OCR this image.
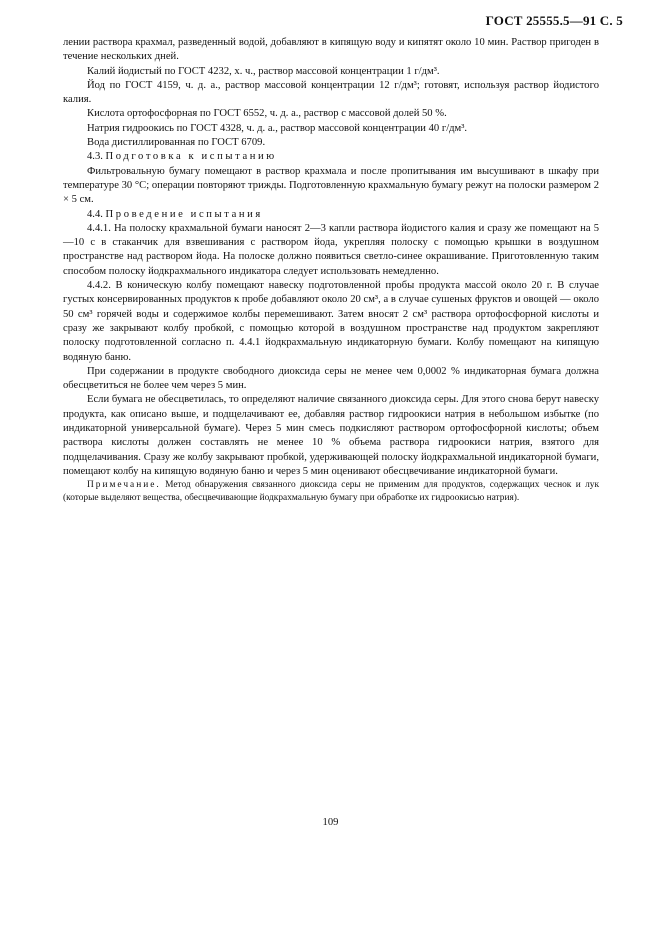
ГОСТ 25555.5—91 С. 5

лении раствора крахмал, разведенный водой, добавляют в кипящую воду и кипятят около 10 мин. Раствор пригоден в течение нескольких дней.

Калий йодистый по ГОСТ 4232, х. ч., раствор массовой концентрации 1 г/дм³.

Йод по ГОСТ 4159, ч. д. а., раствор массовой концентрации 12 г/дм³; готовят, используя раствор йодистого калия.

Кислота ортофосфорная по ГОСТ 6552, ч. д. а., раствор с массовой долей 50 %.

Натрия гидроокись по ГОСТ 4328, ч. д. а., раствор массовой концентрации 40 г/дм³.

Вода дистиллированная по ГОСТ 6709.

4.3. Подготовка к испытанию

Фильтровальную бумагу помещают в раствор крахмала и после пропитывания им высушивают в шкафу при температуре 30 °С; операции повторяют трижды. Подготовленную крахмальную бумагу режут на полоски размером 2 × 5 см.

4.4. Проведение испытания

4.4.1. На полоску крахмальной бумаги наносят 2—3 капли раствора йодистого калия и сразу же помещают на 5—10 с в стаканчик для взвешивания с раствором йода, укрепляя полоску с помощью крышки в воздушном пространстве над раствором йода. На полоске должно появиться светло-синее окрашивание. Приготовленную таким способом полоску йодкрахмального индикатора следует использовать немедленно.

4.4.2. В коническую колбу помещают навеску подготовленной пробы продукта массой около 20 г. В случае густых консервированных продуктов к пробе добавляют около 20 см³, а в случае сушеных фруктов и овощей — около 50 см³ горячей воды и содержимое колбы перемешивают. Затем вносят 2 см³ раствора ортофосфорной кислоты и сразу же закрывают колбу пробкой, с помощью которой в воздушном пространстве над продуктом закрепляют полоску подготовленной согласно п. 4.4.1 йодкрахмальную индикаторную бумаги. Колбу помещают на кипящую водяную баню.

При содержании в продукте свободного диоксида серы не менее чем 0,0002 % индикаторная бумага должна обесцветиться не более чем через 5 мин.

Если бумага не обесцветилась, то определяют наличие связанного диоксида серы. Для этого снова берут навеску продукта, как описано выше, и подщелачивают ее, добавляя раствор гидроокиси натрия в небольшом избытке (по индикаторной универсальной бумаге). Через 5 мин смесь подкисляют раствором ортофосфорной кислоты; объем раствора кислоты должен составлять не менее 10 % объема раствора гидроокиси натрия, взятого для подщелачивания. Сразу же колбу закрывают пробкой, удерживающей полоску йодкрахмальной индикаторной бумаги, помещают колбу на кипящую водяную баню и через 5 мин оценивают обесцвечивание индикаторной бумаги.

Примечание. Метод обнаружения связанного диоксида серы не применим для продуктов, содержащих чеснок и лук (которые выделяют вещества, обесцвечивающие йодкрахмальную бумагу при обработке их гидроокисью натрия).

109
